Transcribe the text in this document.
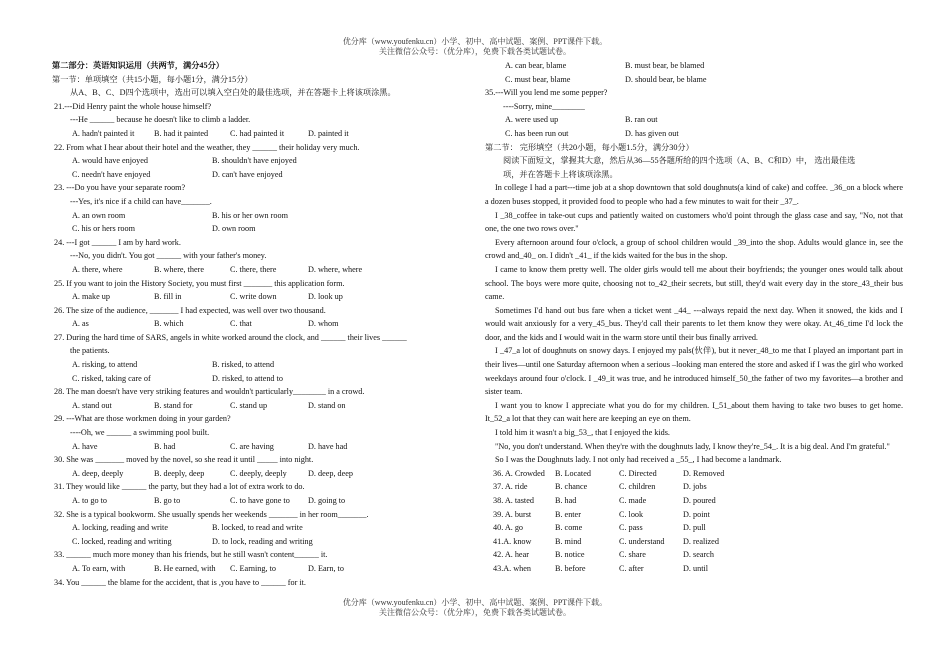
优分库（www.youfenku.cn）小学、初中、高中试题、案例、PPT课件下载。
关注微信公众号：（优分库），免费下载各类试题试卷。
第二部分：英语知识运用（共两节，满分45分）
第一节：单项填空（共15小题，每小题1分，满分15分）
从A、B、C、D四个选项中，选出可以填入空白处的最佳选项，并在答题卡上将该项涂黑。
21.---Did Henry paint the whole house himself?
---He ______ because he doesn't like to climb a ladder.
A. hadn't painted it B. had it painted	C. had painted it	D. painted it
22. From what I hear about their hotel and the weather, they ______ their holiday very much.
A. would have enjoyed	B. shouldn't have enjoyed
C. needn't have enjoyed	D. can't have enjoyed
23. ---Do you have your separate room?
---Yes, it's nice if a child can have_______.
A. an own room	B. his or her own room
C. his or hers room	D. own room
24. ---I got ______ I am by hard work.
---No, you didn't. You got ______ with your father's money.
A. there, where	B. where, there	C. there, there	D. where, where
25. If you want to join the History Society, you must first _______ this application form.
A. make up	B. fill in	C. write down	D. look up
26. The size of the audience, _______ I had expected, was well over two thousand.
A. as	B. which	C. that	D. whom
27. During the hard time of SARS, angels in white worked around the clock, and ______ their lives ______
the patients.
A. risking, to attend	B. risked, to attend
C. risked, taking care of	D. risked, to attend to
28. The man doesn't have very striking features and wouldn't particularly________ in a crowd.
A. stand out	B. stand for	C. stand up	D. stand on
29. ---What are those workmen doing in your garden?
----Oh, we ______ a swimming pool built.
A. have	B. had	C. are having	D. have had
30. She was _______ moved by the novel, so she read it until _____ into night.
A. deep, deeply	B. deeply, deep	C. deeply, deeply	D. deep, deep
31. They would like ______ the party, but they had a lot of extra work to do.
A. to go to	B. go to	C. to have gone to D. going to
32. She is a typical bookworm. She usually spends her weekends _______ in her room_______.
A. locking, reading and write	B. locked, to read and write
C. locked, reading and writing	D. to lock, reading and writing
33. ______ much more money than his friends, but he still wasn't content______ it.
A. To earn, with	B. He earned, with C. Earning, to	D. Earn, to
34. You ______ the blame for the accident, that is ,you have to ______ for it.
A. can bear, blame	B. must bear, be blamed
C. must bear, blame	D. should bear, be blame
35.---Will you lend me some pepper?
----Sorry, mine________
A. were used up	B. ran out
C. has been run out	D. has given out
第二节： 完形填空（共20小题，每小题1.5分，满分30分）
阅读下面短文，掌握其大意，然后从36—55各题所给的四个选项（A、B、C和D）中， 选出最佳选
项，并在答题卡上将该项涂黑。
In college I had a part---time job at a shop downtown that sold doughnuts(a kind of cake) and coffee. _36_on a block where a dozen buses stopped, it provided food to people who had a few minutes to wait for their _37_.
I _38_coffee in take-out cups and patiently waited on customers who'd point through the glass case and say, "No, not that one, the one two rows over."
Every afternoon around four o'clock, a group of school children would _39_into the shop. Adults would glance in, see the crowd and_40_ on. I didn't _41_ if the kids waited for the bus in the shop.
I came to know them pretty well. The older girls would tell me about their boyfriends; the younger ones would talk about school. The boys were more quite, choosing not to_42_their secrets, but still, they'd wait every day in the store_43_their bus came.
Sometimes I'd hand out bus fare when a ticket went _44_ ---always repaid the next day. When it snowed, the kids and I would wait anxiously for a very_45_bus. They'd call their parents to let them know they were okay. At_46_time I'd lock the door, and the kids and I would wait in the warm store until their bus finally arrived.
I _47_a lot of doughnuts on snowy days. I enjoyed my pals(伙伴), but it never_48_to me that I played an important part in their lives—until one Saturday afternoon when a serious –looking man entered the store and asked if I was the girl who worked weekdays around four o'clock. I _49_it was true, and he introduced himself_50_the father of two my favorites—a brother and sister team.
I want you to know I appreciate what you do for my children. I_51_about them having to take two buses to get home. It_52_a lot that they can wait here are keeping an eye on them.
I told him it wasn't a big_53_, that I enjoyed the kids.
"No, you don't understand. When they're with the doughnuts lady, I know they're_54_. It is a big deal. And I'm grateful."
So I was the Doughnuts lady. I not only had received a _55_, I had become a landmark.
36. A. Crowded B. Located	C. Directed	D. Removed
37. A. ride	B. chance	C. children	D. jobs
38. A. tasted	B. had	C. made	D. poured
39. A. burst	B. enter	C. look	D. point
40. A. go	B. come	C. pass	D. pull
41.A. know	B. mind	C. understand D. realized
42. A. hear	B. notice	C. share	D. search
43.A. when	B. before	C. after	D. until
优分库（www.youfenku.cn）小学、初中、高中试题、案例、PPT课件下载。
关注微信公众号：（优分库），免费下载各类试题试卷。
